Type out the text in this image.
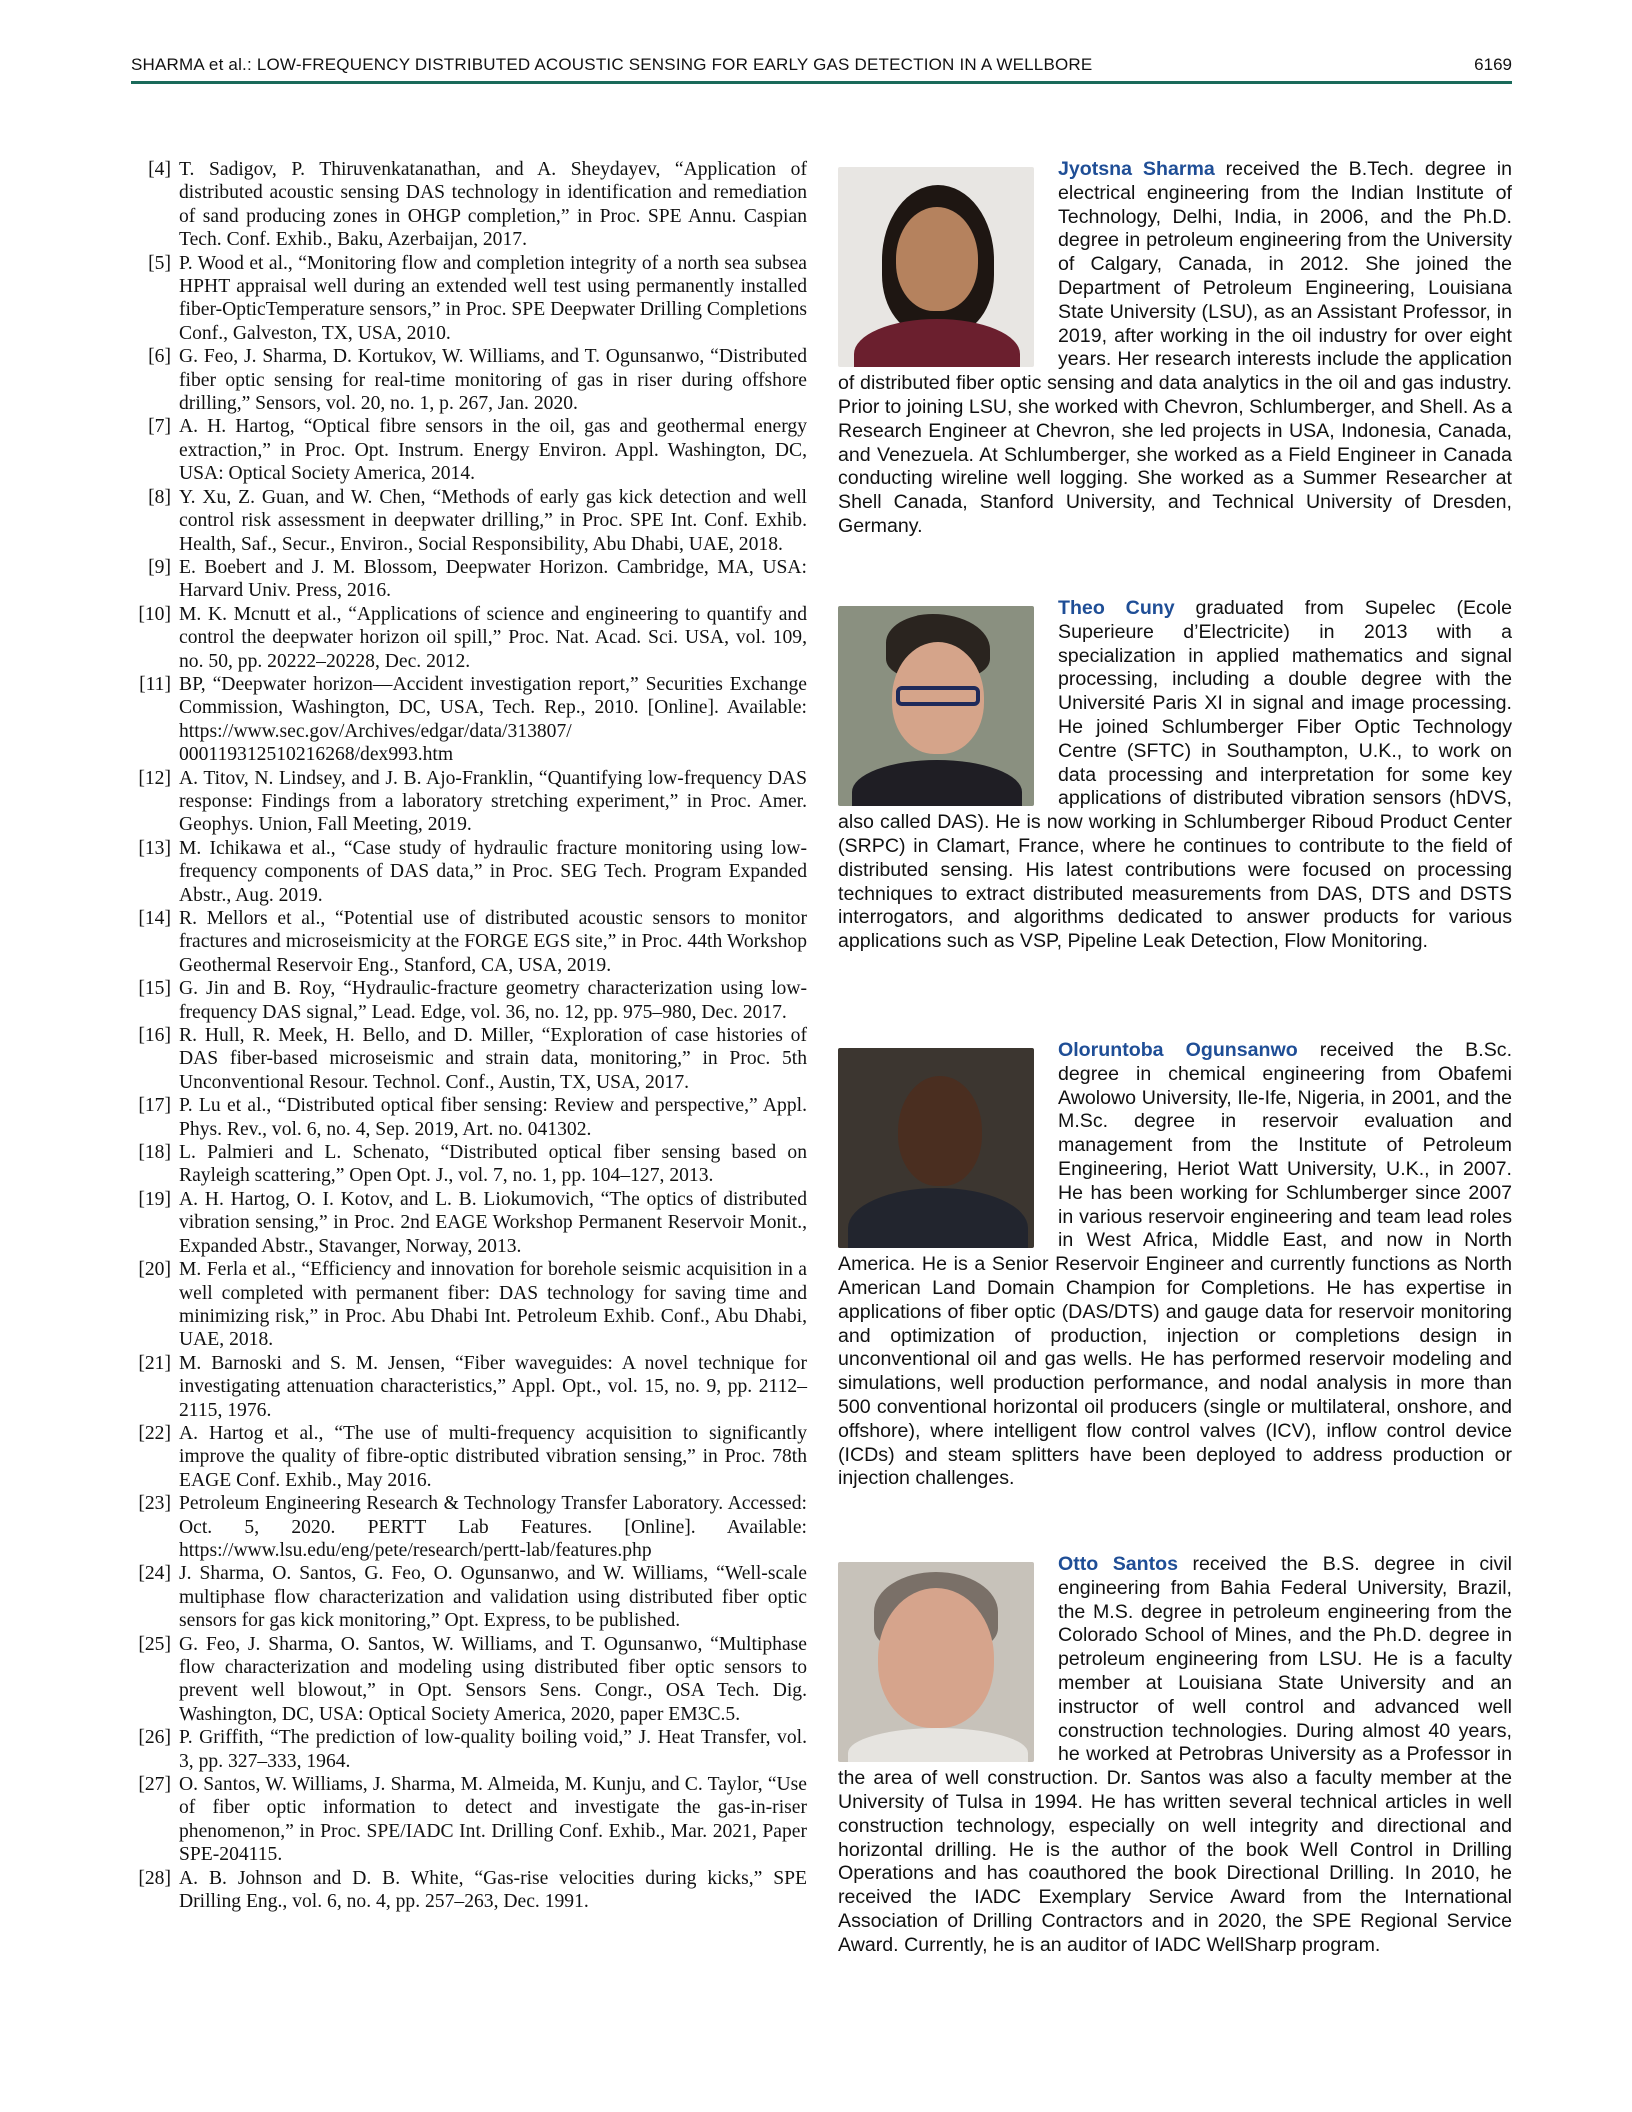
SHARMA et al.: LOW-FREQUENCY DISTRIBUTED ACOUSTIC SENSING FOR EARLY GAS DETECTION IN A WELLBORE	6169

[4] T. Sadigov, P. Thiruvenkatanathan, and A. Sheydayev, “Application of distributed acoustic sensing DAS technology in identification and remediation of sand producing zones in OHGP completion,” in Proc. SPE Annu. Caspian Tech. Conf. Exhib., Baku, Azerbaijan, 2017.

[5] P. Wood et al., “Monitoring flow and completion integrity of a north sea subsea HPHT appraisal well during an extended well test using permanently installed fiber-OpticTemperature sensors,” in Proc. SPE Deepwater Drilling Completions Conf., Galveston, TX, USA, 2010.

[6] G. Feo, J. Sharma, D. Kortukov, W. Williams, and T. Ogunsanwo, “Distributed fiber optic sensing for real-time monitoring of gas in riser during offshore drilling,” Sensors, vol. 20, no. 1, p. 267, Jan. 2020.

[7] A. H. Hartog, “Optical fibre sensors in the oil, gas and geothermal energy extraction,” in Proc. Opt. Instrum. Energy Environ. Appl. Washington, DC, USA: Optical Society America, 2014.

[8] Y. Xu, Z. Guan, and W. Chen, “Methods of early gas kick detection and well control risk assessment in deepwater drilling,” in Proc. SPE Int. Conf. Exhib. Health, Saf., Secur., Environ., Social Responsibility, Abu Dhabi, UAE, 2018.

[9] E. Boebert and J. M. Blossom, Deepwater Horizon. Cambridge, MA, USA: Harvard Univ. Press, 2016.

[10] M. K. Mcnutt et al., “Applications of science and engineering to quantify and control the deepwater horizon oil spill,” Proc. Nat. Acad. Sci. USA, vol. 109, no. 50, pp. 20222–20228, Dec. 2012.

[11] BP, “Deepwater horizon—Accident investigation report,” Securities Exchange Commission, Washington, DC, USA, Tech. Rep., 2010. [Online]. Available: https://www.sec.gov/Archives/edgar/data/313807/ 000119312510216268/dex993.htm

[12] A. Titov, N. Lindsey, and J. B. Ajo-Franklin, “Quantifying low-frequency DAS response: Findings from a laboratory stretching experiment,” in Proc. Amer. Geophys. Union, Fall Meeting, 2019.

[13] M. Ichikawa et al., “Case study of hydraulic fracture monitoring using low-frequency components of DAS data,” in Proc. SEG Tech. Program Expanded Abstr., Aug. 2019.

[14] R. Mellors et al., “Potential use of distributed acoustic sensors to monitor fractures and microseismicity at the FORGE EGS site,” in Proc. 44th Workshop Geothermal Reservoir Eng., Stanford, CA, USA, 2019.

[15] G. Jin and B. Roy, “Hydraulic-fracture geometry characterization using low-frequency DAS signal,” Lead. Edge, vol. 36, no. 12, pp. 975–980, Dec. 2017.

[16] R. Hull, R. Meek, H. Bello, and D. Miller, “Exploration of case histories of DAS fiber-based microseismic and strain data, monitoring,” in Proc. 5th Unconventional Resour. Technol. Conf., Austin, TX, USA, 2017.

[17] P. Lu et al., “Distributed optical fiber sensing: Review and perspective,” Appl. Phys. Rev., vol. 6, no. 4, Sep. 2019, Art. no. 041302.

[18] L. Palmieri and L. Schenato, “Distributed optical fiber sensing based on Rayleigh scattering,” Open Opt. J., vol. 7, no. 1, pp. 104–127, 2013.

[19] A. H. Hartog, O. I. Kotov, and L. B. Liokumovich, “The optics of distributed vibration sensing,” in Proc. 2nd EAGE Workshop Permanent Reservoir Monit., Expanded Abstr., Stavanger, Norway, 2013.

[20] M. Ferla et al., “Efficiency and innovation for borehole seismic acquisition in a well completed with permanent fiber: DAS technology for saving time and minimizing risk,” in Proc. Abu Dhabi Int. Petroleum Exhib. Conf., Abu Dhabi, UAE, 2018.

[21] M. Barnoski and S. M. Jensen, “Fiber waveguides: A novel technique for investigating attenuation characteristics,” Appl. Opt., vol. 15, no. 9, pp. 2112–2115, 1976.

[22] A. Hartog et al., “The use of multi-frequency acquisition to significantly improve the quality of fibre-optic distributed vibration sensing,” in Proc. 78th EAGE Conf. Exhib., May 2016.

[23] Petroleum Engineering Research & Technology Transfer Laboratory. Accessed: Oct. 5, 2020. PERTT Lab Features. [Online]. Available: https://www.lsu.edu/eng/pete/research/pertt-lab/features.php

[24] J. Sharma, O. Santos, G. Feo, O. Ogunsanwo, and W. Williams, “Well-scale multiphase flow characterization and validation using distributed fiber optic sensors for gas kick monitoring,” Opt. Express, to be published.

[25] G. Feo, J. Sharma, O. Santos, W. Williams, and T. Ogunsanwo, “Multiphase flow characterization and modeling using distributed fiber optic sensors to prevent well blowout,” in Opt. Sensors Sens. Congr., OSA Tech. Dig. Washington, DC, USA: Optical Society America, 2020, paper EM3C.5.

[26] P. Griffith, “The prediction of low-quality boiling void,” J. Heat Transfer, vol. 3, pp. 327–333, 1964.

[27] O. Santos, W. Williams, J. Sharma, M. Almeida, M. Kunju, and C. Taylor, “Use of fiber optic information to detect and investigate the gas-in-riser phenomenon,” in Proc. SPE/IADC Int. Drilling Conf. Exhib., Mar. 2021, Paper SPE-204115.

[28] A. B. Johnson and D. B. White, “Gas-rise velocities during kicks,” SPE Drilling Eng., vol. 6, no. 4, pp. 257–263, Dec. 1991.

Jyotsna Sharma received the B.Tech. degree in electrical engineering from the Indian Institute of Technology, Delhi, India, in 2006, and the Ph.D. degree in petroleum engineering from the University of Calgary, Canada, in 2012. She joined the Department of Petroleum Engineering, Louisiana State University (LSU), as an Assistant Professor, in 2019, after working in the oil industry for over eight years. Her research interests include the application of distributed fiber optic sensing and data analytics in the oil and gas industry. Prior to joining LSU, she worked with Chevron, Schlumberger, and Shell. As a Research Engineer at Chevron, she led projects in USA, Indonesia, Canada, and Venezuela. At Schlumberger, she worked as a Field Engineer in Canada conducting wireline well logging. She worked as a Summer Researcher at Shell Canada, Stanford University, and Technical University of Dresden, Germany.
Theo Cuny graduated from Supelec (Ecole Superieure d’Electricite) in 2013 with a specialization in applied mathematics and signal processing, including a double degree with the Université Paris XI in signal and image processing. He joined Schlumberger Fiber Optic Technology Centre (SFTC) in Southampton, U.K., to work on data processing and interpretation for some key applications of distributed vibration sensors (hDVS, also called DAS). He is now working in Schlumberger Riboud Product Center (SRPC) in Clamart, France, where he continues to contribute to the field of distributed sensing. His latest contributions were focused on processing techniques to extract distributed measurements from DAS, DTS and DSTS interrogators, and algorithms dedicated to answer products for various applications such as VSP, Pipeline Leak Detection, Flow Monitoring.
Oloruntoba Ogunsanwo received the B.Sc. degree in chemical engineering from Obafemi Awolowo University, Ile-Ife, Nigeria, in 2001, and the M.Sc. degree in reservoir evaluation and management from the Institute of Petroleum Engineering, Heriot Watt University, U.K., in 2007. He has been working for Schlumberger since 2007 in various reservoir engineering and team lead roles in West Africa, Middle East, and now in North America. He is a Senior Reservoir Engineer and currently functions as North American Land Domain Champion for Completions. He has expertise in applications of fiber optic (DAS/DTS) and gauge data for reservoir monitoring and optimization of production, injection or completions design in unconventional oil and gas wells. He has performed reservoir modeling and simulations, well production performance, and nodal analysis in more than 500 conventional horizontal oil producers (single or multilateral, onshore, and offshore), where intelligent flow control valves (ICV), inflow control device (ICDs) and steam splitters have been deployed to address production or injection challenges.
Otto Santos received the B.S. degree in civil engineering from Bahia Federal University, Brazil, the M.S. degree in petroleum engineering from the Colorado School of Mines, and the Ph.D. degree in petroleum engineering from LSU. He is a faculty member at Louisiana State University and an instructor of well control and advanced well construction technologies. During almost 40 years, he worked at Petrobras University as a Professor in the area of well construction. Dr. Santos was also a faculty member at the University of Tulsa in 1994. He has written several technical articles in well construction technology, especially on well integrity and directional and horizontal drilling. He is the author of the book Well Control in Drilling Operations and has coauthored the book Directional Drilling. In 2010, he received the IADC Exemplary Service Award from the International Association of Drilling Contractors and in 2020, the SPE Regional Service Award. Currently, he is an auditor of IADC WellSharp program.
